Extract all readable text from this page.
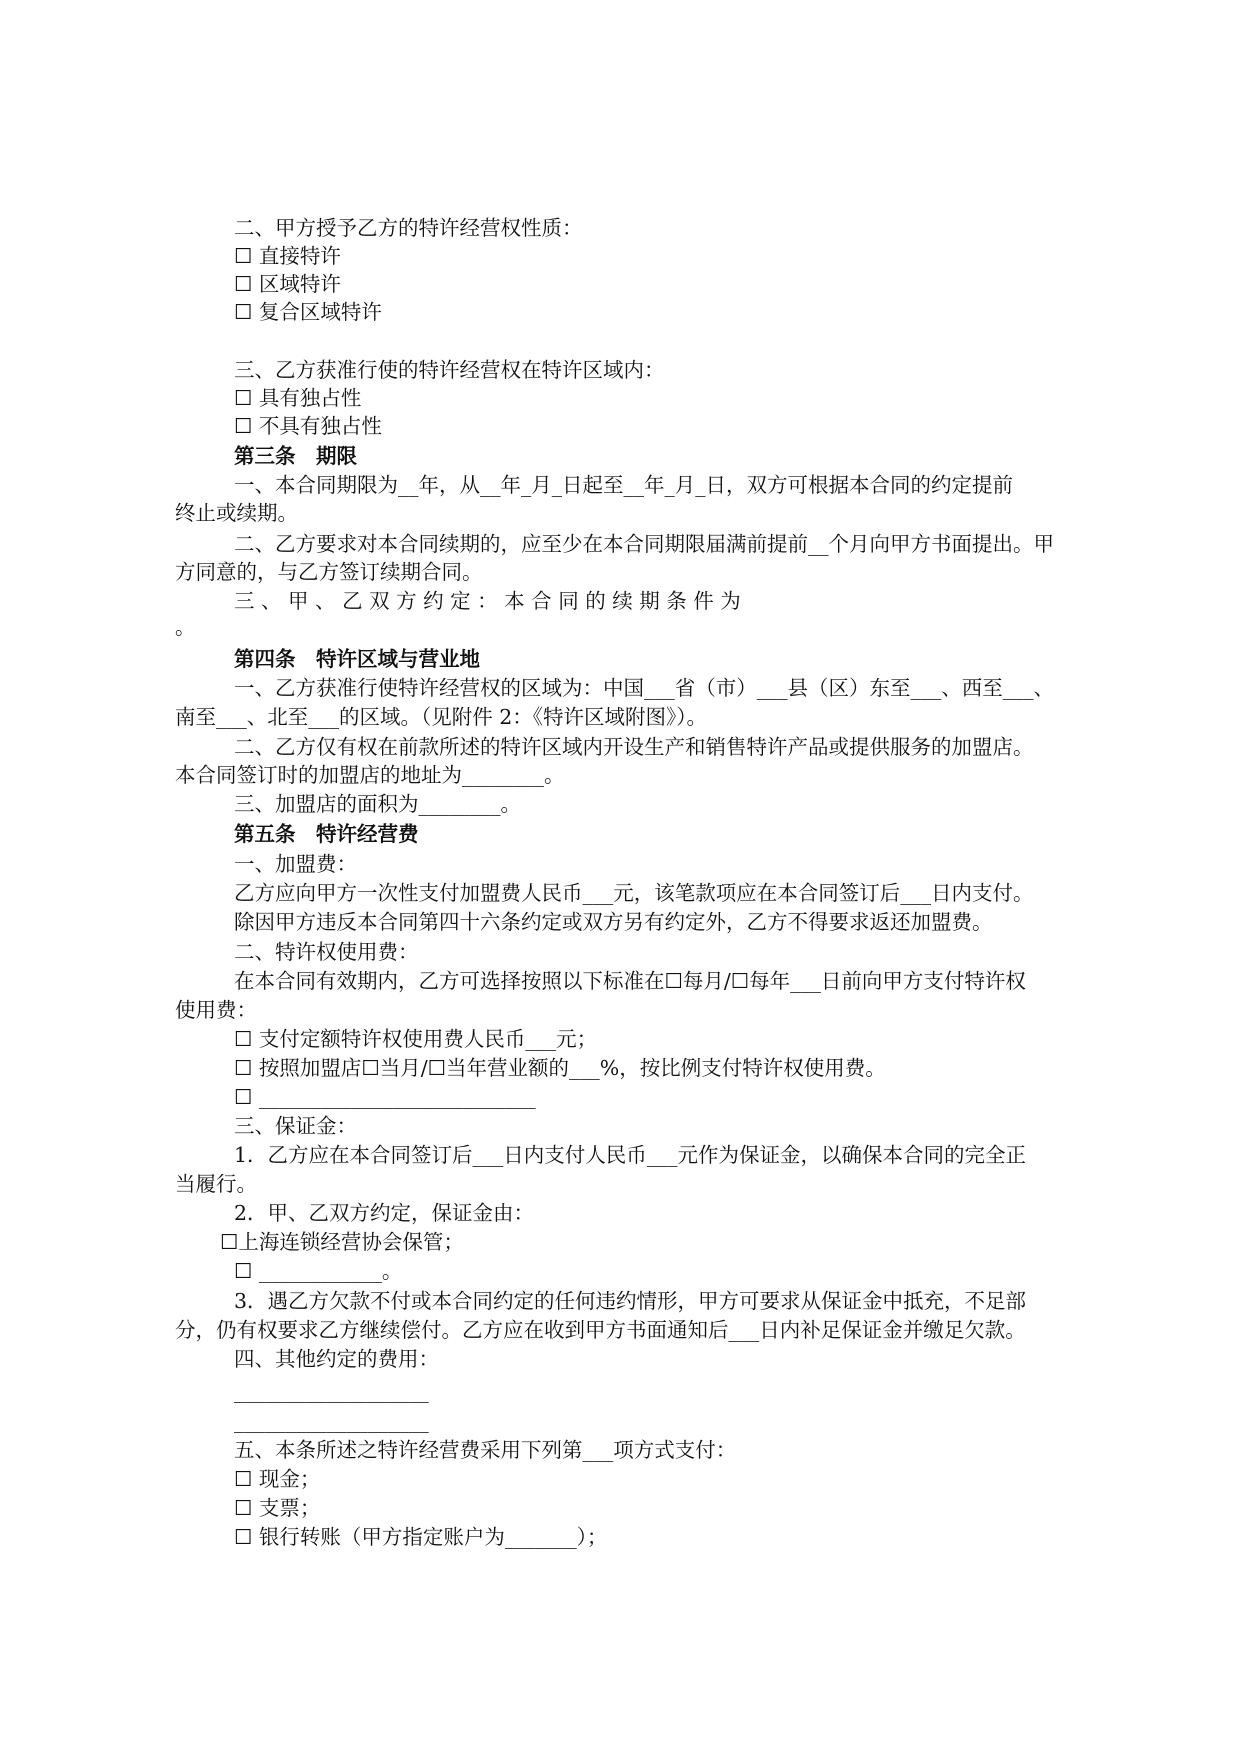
二、甲方授予乙方的特许经营权性质：
☐ 直接特许
☐ 区域特许
☐ 复合区域特许
三、乙方获准行使的特许经营权在特许区域内：
☐ 具有独占性
☐ 不具有独占性
第三条　期限
一、本合同期限为__年，从__年_月_日起至__年_月_日，双方可根据本合同的约定提前
终止或续期。
二、乙方要求对本合同续期的，应至少在本合同期限届满前提前__个月向甲方书面提出。甲
方同意的，与乙方签订续期合同。
三 、 甲 、 乙 双 方 约 定 ： 本 合 同 的 续 期 条 件 为
。
第四条　特许区域与营业地
一、乙方获准行使特许经营权的区域为：中国___省（市）___县（区）东至___、西至___、
南至___、北至___的区域。（见附件 2：《特许区域附图》）。
二、乙方仅有权在前款所述的特许区域内开设生产和销售特许产品或提供服务的加盟店。
本合同签订时的加盟店的地址为________。
三、加盟店的面积为________。
第五条　特许经营费
一、加盟费：
乙方应向甲方一次性支付加盟费人民币___元，该笔款项应在本合同签订后___日内支付。
除因甲方违反本合同第四十六条约定或双方另有约定外，乙方不得要求返还加盟费。
二、特许权使用费：
在本合同有效期内，乙方可选择按照以下标准在☐每月/☐每年___日前向甲方支付特许权
使用费：
☐ 支付定额特许权使用费人民币___元；
☐ 按照加盟店☐当月/☐当年营业额的___%，按比例支付特许权使用费。
☐ ___________________________
三、保证金：
1．乙方应在本合同签订后___日内支付人民币___元作为保证金，以确保本合同的完全正
当履行。
2．甲、乙双方约定，保证金由：
☐上海连锁经营协会保管；
☐ ____________。
3．遇乙方欠款不付或本合同约定的任何违约情形，甲方可要求从保证金中抵充，不足部
分，仍有权要求乙方继续偿付。乙方应在收到甲方书面通知后___日内补足保证金并缴足欠款。
四、其他约定的费用：
___________________
___________________
五、本条所述之特许经营费采用下列第___项方式支付：
☐ 现金；
☐ 支票；
☐ 银行转账（甲方指定账户为_______）；
